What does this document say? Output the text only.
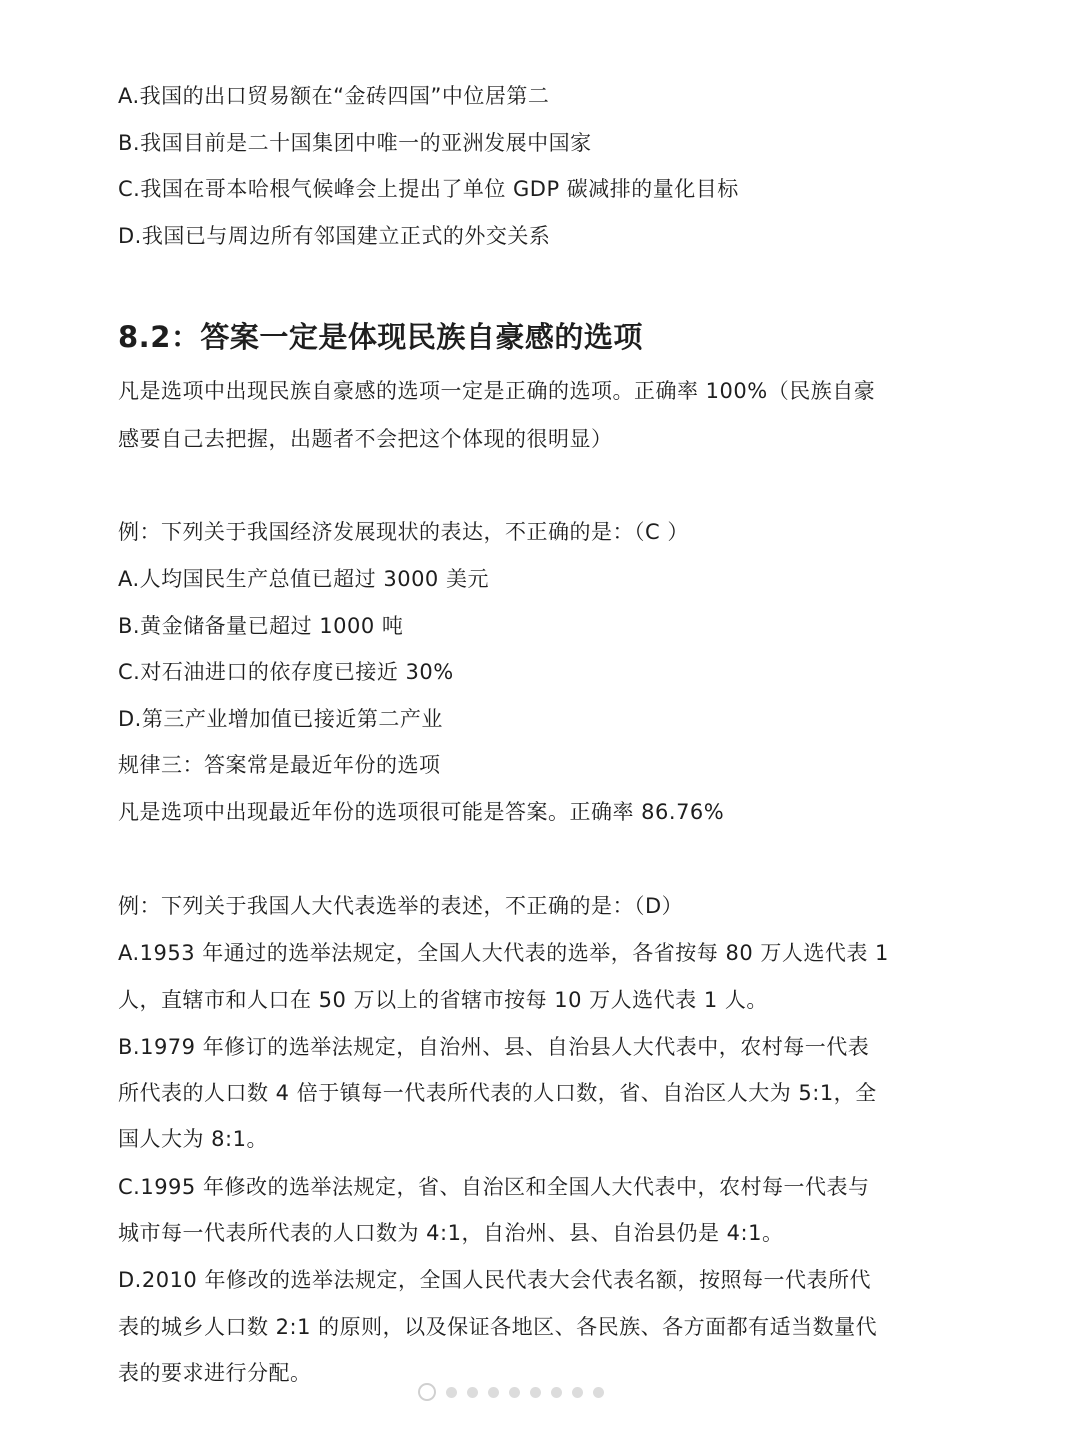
A.我国的出口贸易额在“金砖四国”中位居第二
B.我国目前是二十国集团中唯一的亚洲发展中国家
C.我国在哥本哈根气候峰会上提出了单位 GDP 碳减排的量化目标
D.我国已与周边所有邻国建立正式的外交关系
8.2：答案一定是体现民族自豪感的选项
凡是选项中出现民族自豪感的选项一定是正确的选项。正确率 100%（民族自豪
感要自己去把握，出题者不会把这个体现的很明显）
例：下列关于我国经济发展现状的表达，不正确的是：（C ）
A.人均国民生产总值已超过 3000 美元
B.黄金储备量已超过 1000 吨
C.对石油进口的依存度已接近 30%
D.第三产业增加值已接近第二产业
规律三：答案常是最近年份的选项
凡是选项中出现最近年份的选项很可能是答案。正确率 86.76%
例：下列关于我国人大代表选举的表述，不正确的是：（D）
A.1953 年通过的选举法规定，全国人大代表的选举，各省按每 80 万人选代表 1
人，直辖市和人口在 50 万以上的省辖市按每 10 万人选代表 1 人。
B.1979 年修订的选举法规定，自治州、县、自治县人大代表中，农村每一代表
所代表的人口数 4 倍于镇每一代表所代表的人口数，省、自治区人大为 5:1，全
国人大为 8:1。
C.1995 年修改的选举法规定，省、自治区和全国人大代表中，农村每一代表与
城市每一代表所代表的人口数为 4:1，自治州、县、自治县仍是 4:1。
D.2010 年修改的选举法规定，全国人民代表大会代表名额，按照每一代表所代
表的城乡人口数 2:1 的原则，以及保证各地区、各民族、各方面都有适当数量代
表的要求进行分配。
